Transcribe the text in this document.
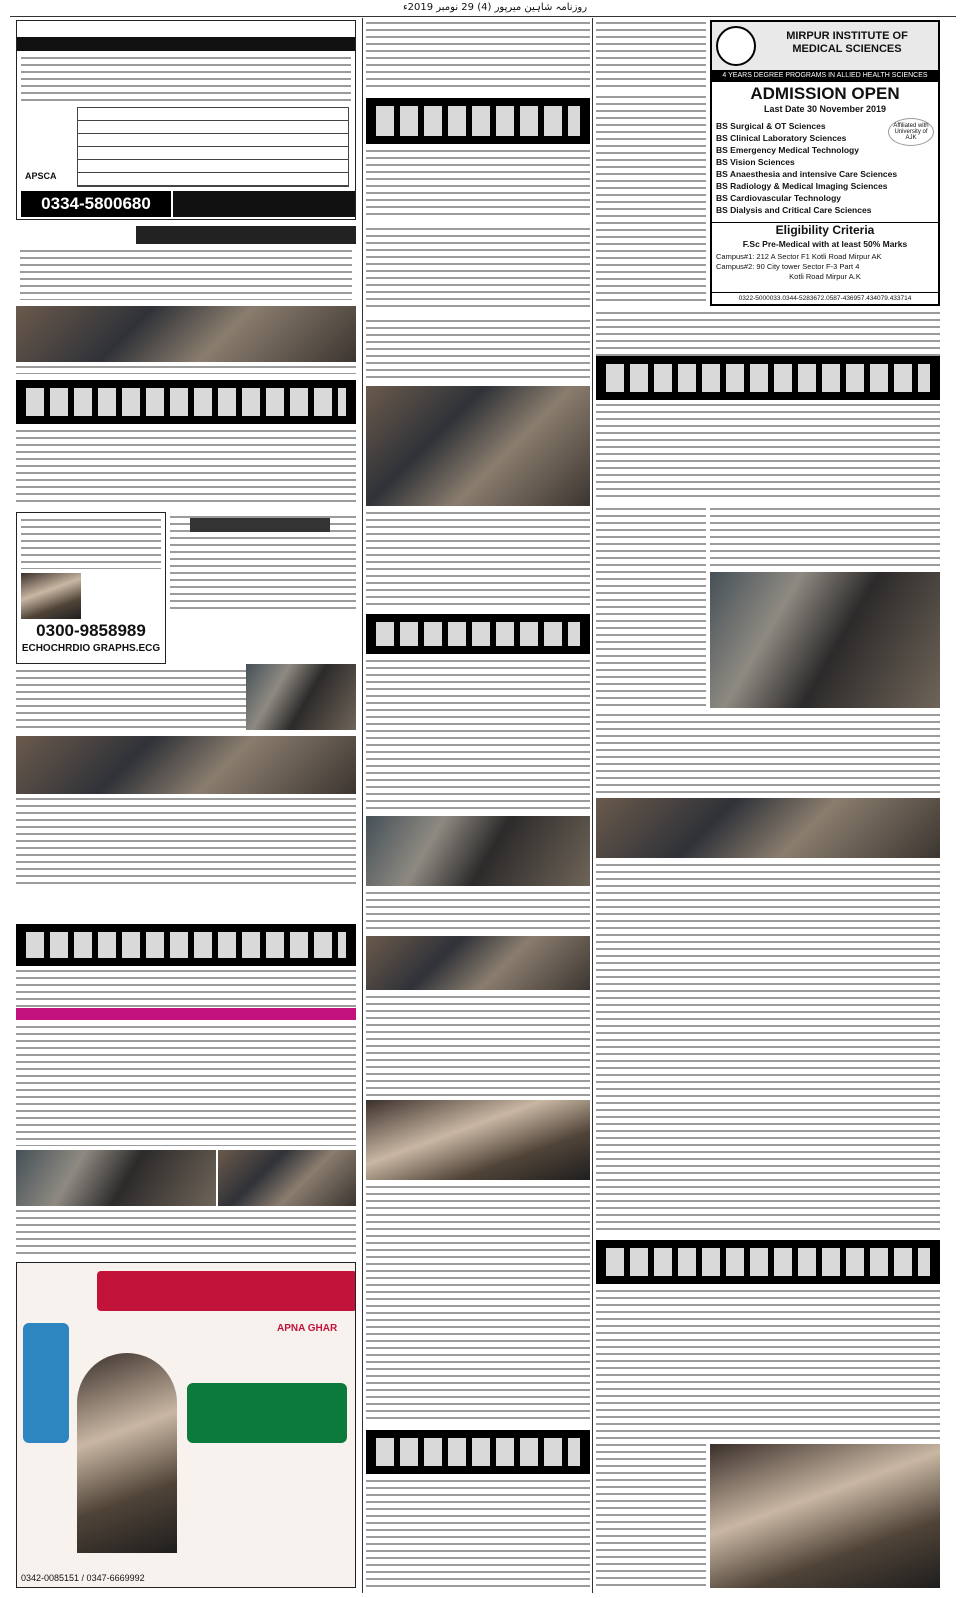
روزنامہ شاہین میرپور (4) 29 نومبر 2019ء
0334-5800680
APSCA
0300-9858989
ECHOCHRDIO GRAPHS.ECG
APNA GHAR
0342-0085151 / 0347-6669992
MIRPUR INSTITUTE OF MEDICAL SCIENCES
4 YEARS DEGREE PROGRAMS IN ALLIED HEALTH SCIENCES
ADMISSION OPEN
Last Date 30 November 2019
Affiliated with University of AJK
BS Surgical & OT Sciences
BS Clinical Laboratory Sciences
BS Emergency Medical Technology
BS Vision Sciences
BS Anaesthesia and intensive Care Sciences
BS Radiology & Medical Imaging Sciences
BS Cardiovascular Technology
BS Dialysis and Critical Care Sciences
Eligibility Criteria
F.Sc Pre-Medical with at least 50% Marks
Campus#1: 212 A Sector F1 Kotli Road Mirpur AK
Campus#2: 90 City tower Sector F-3 Part 4
Kotli Road Mirpur A.K
0322-5000033.0344-5283672.0587-436957.434079.433714
